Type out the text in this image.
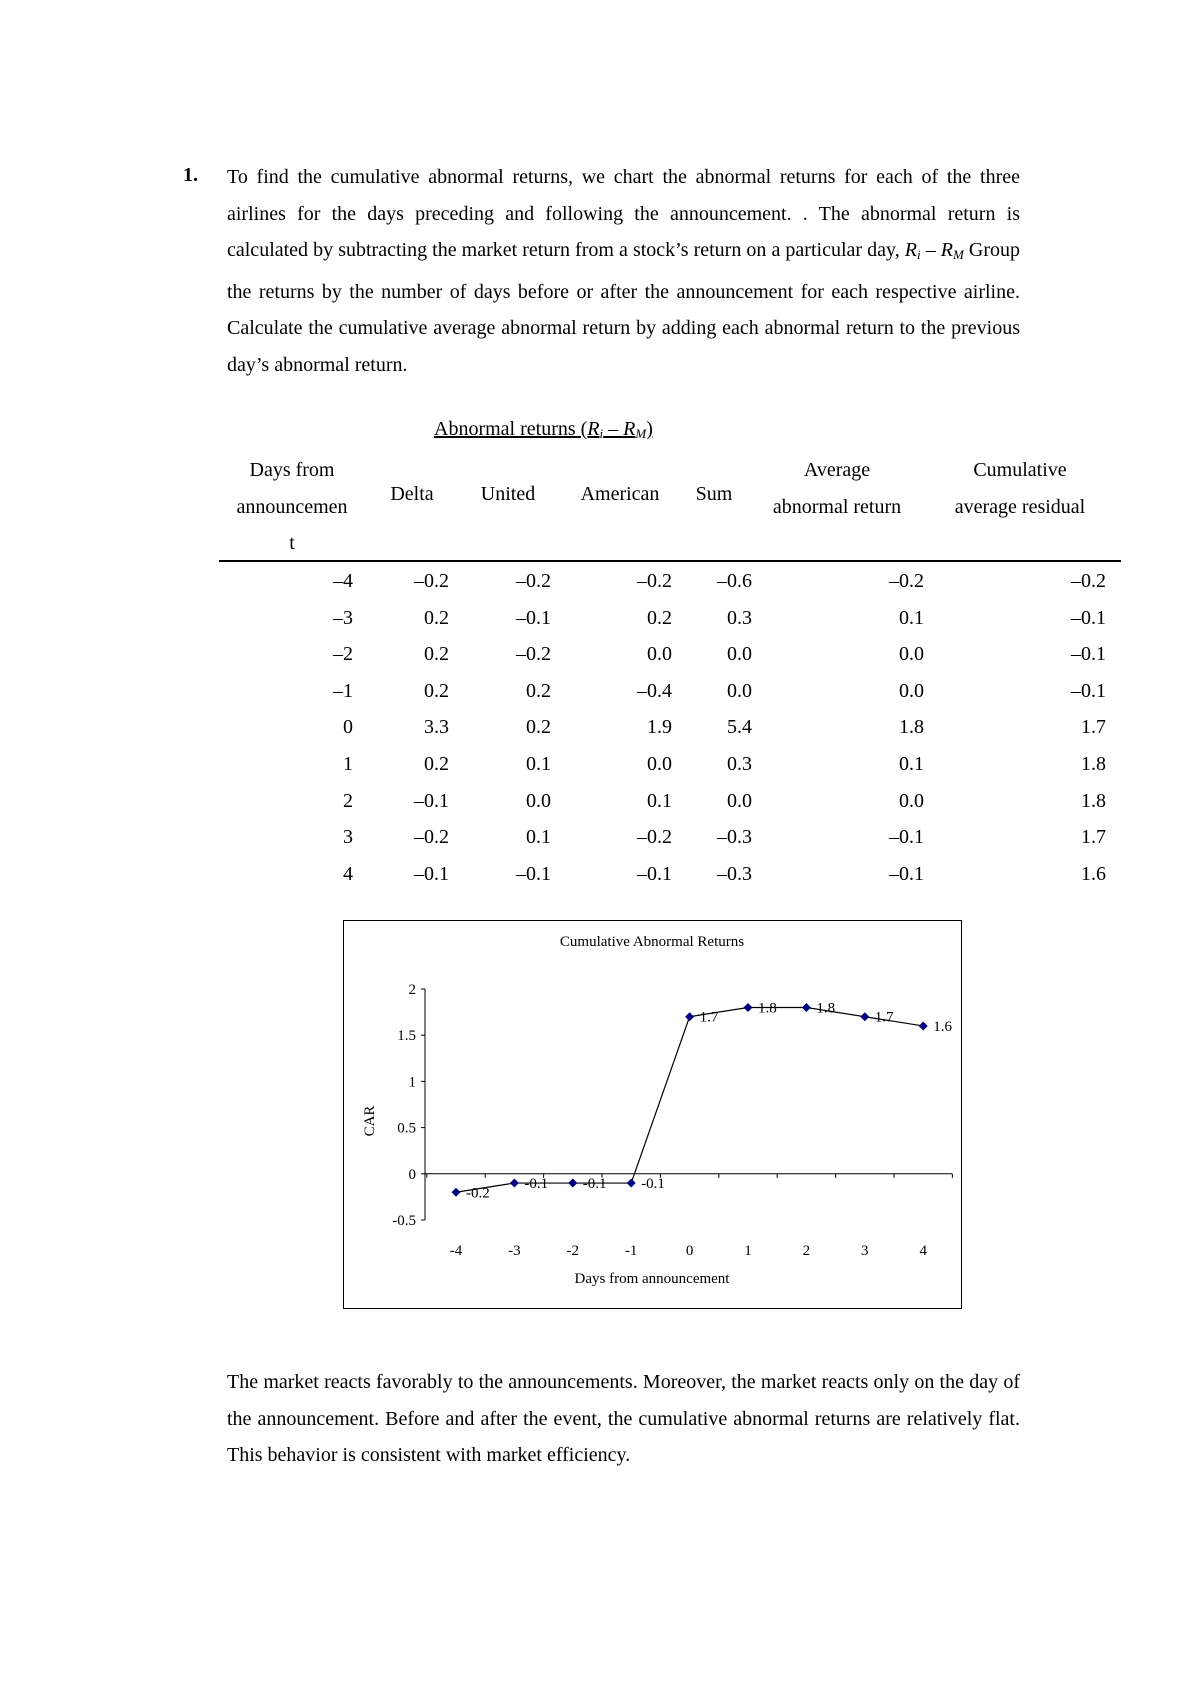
1. To find the cumulative abnormal returns, we chart the abnormal returns for each of the three airlines for the days preceding and following the announcement. . The abnormal return is calculated by subtracting the market return from a stock’s return on a particular day, $R_i - R_M$ Group the returns by the number of days before or after the announcement for each respective airline. Calculate the cumulative average abnormal return by adding each abnormal return to the previous day’s abnormal return.

Abnormal returns $(R_i - R_M)$
Days from
announcemen
t
Delta	United	American	Sum
Average
abnormal return
Cumulative
average residual
–4	–0.2	–0.2	–0.2	–0.6	–0.2	–0.2
–3	0.2	–0.1	0.2	0.3	0.1	–0.1
–2	0.2	–0.2	0.0	0.0	0.0	–0.1
–1	0.2	0.2	–0.4	0.0	0.0	–0.1
0	3.3	0.2	1.9	5.4	1.8	1.7
1	0.2	0.1	0.0	0.3	0.1	1.8
2	–0.1	0.0	0.1	0.0	0.0	1.8
3	–0.2	0.1	–0.2	–0.3	–0.1	1.7
4	–0.1	–0.1	–0.1	–0.3	–0.1	1.6
Cumulative Abnormal Returns
CAR
Days from announcement
-0.5
0
0.5
1
1.5
2
-4	-3	-2	-1	0	1	2	3	4
-0.2
-0.1 -0.1 -0.1
1.7
1.8	1.8
1.7
1.6

The market reacts favorably to the announcements. Moreover, the market reacts only on the day of the announcement. Before and after the event, the cumulative abnormal returns are relatively flat. This behavior is consistent with market efficiency.
